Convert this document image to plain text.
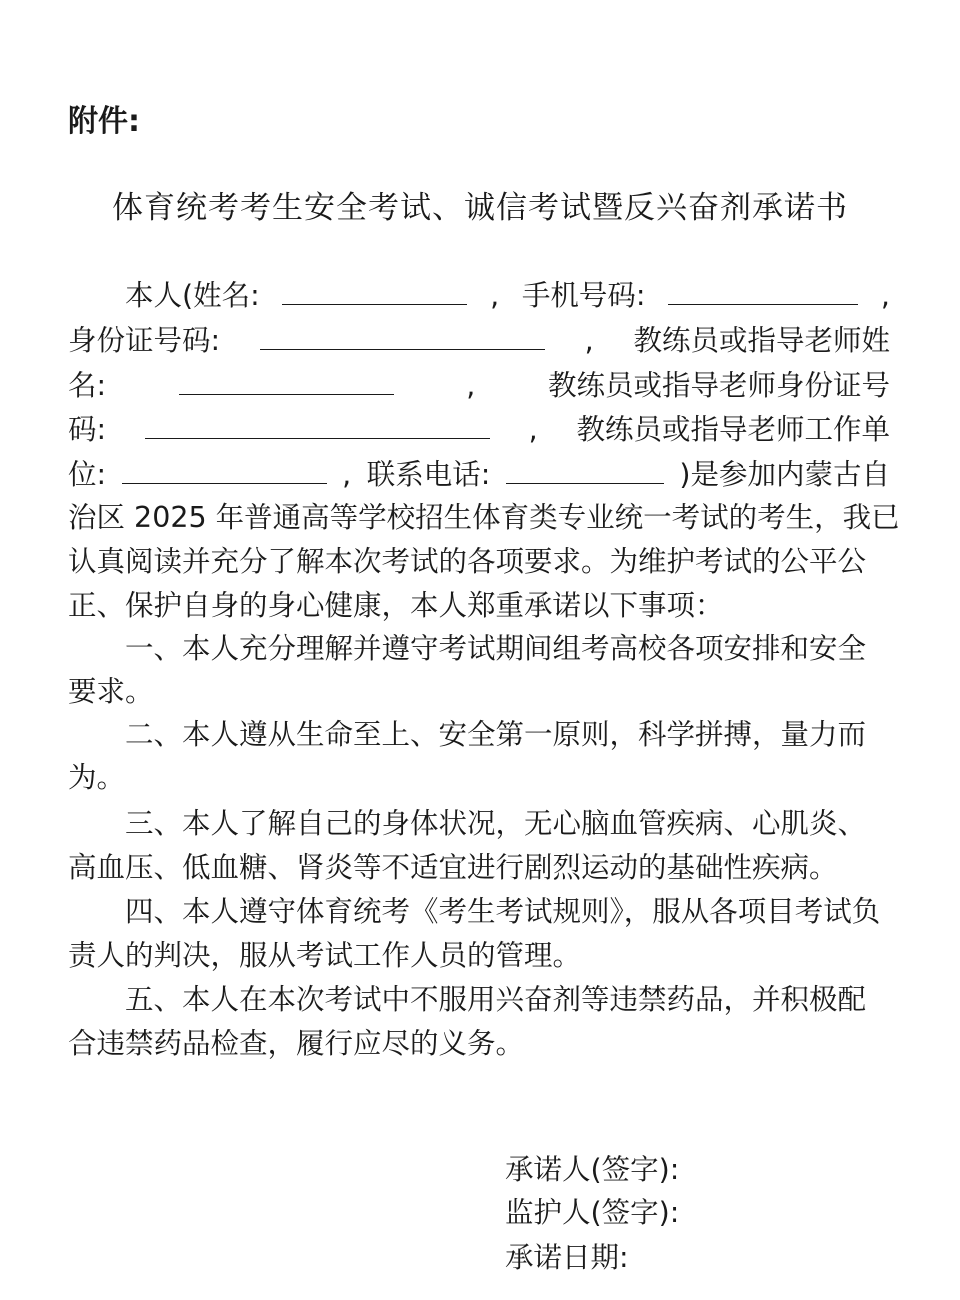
附件:
体育统考考生安全考试、诚信考试暨反兴奋剂承诺书
本人(姓名:	, 手机号码:	,
身份证号码:	, 教练员或指导老师姓
名:	,	教练员或指导老师身份证号
码:	, 教练员或指导老师工作单
位:	, 联系电话:	)是参加内蒙古自
治区 2025 年普通高等学校招生体育类专业统一考试的考生，我已
认真阅读并充分了解本次考试的各项要求。为维护考试的公平公
正、保护自身的身心健康，本人郑重承诺以下事项：
一、本人充分理解并遵守考试期间组考高校各项安排和安全
要求。
二、本人遵从生命至上、安全第一原则，科学拼搏，量力而
为。
三、本人了解自己的身体状况，无心脑血管疾病、心肌炎、
高血压、低血糖、肾炎等不适宜进行剧烈运动的基础性疾病。
四、本人遵守体育统考《考生考试规则》，服从各项目考试负
责人的判决，服从考试工作人员的管理。
五、本人在本次考试中不服用兴奋剂等违禁药品，并积极配
合违禁药品检查，履行应尽的义务。
承诺人(签字):
监护人(签字):
承诺日期:
